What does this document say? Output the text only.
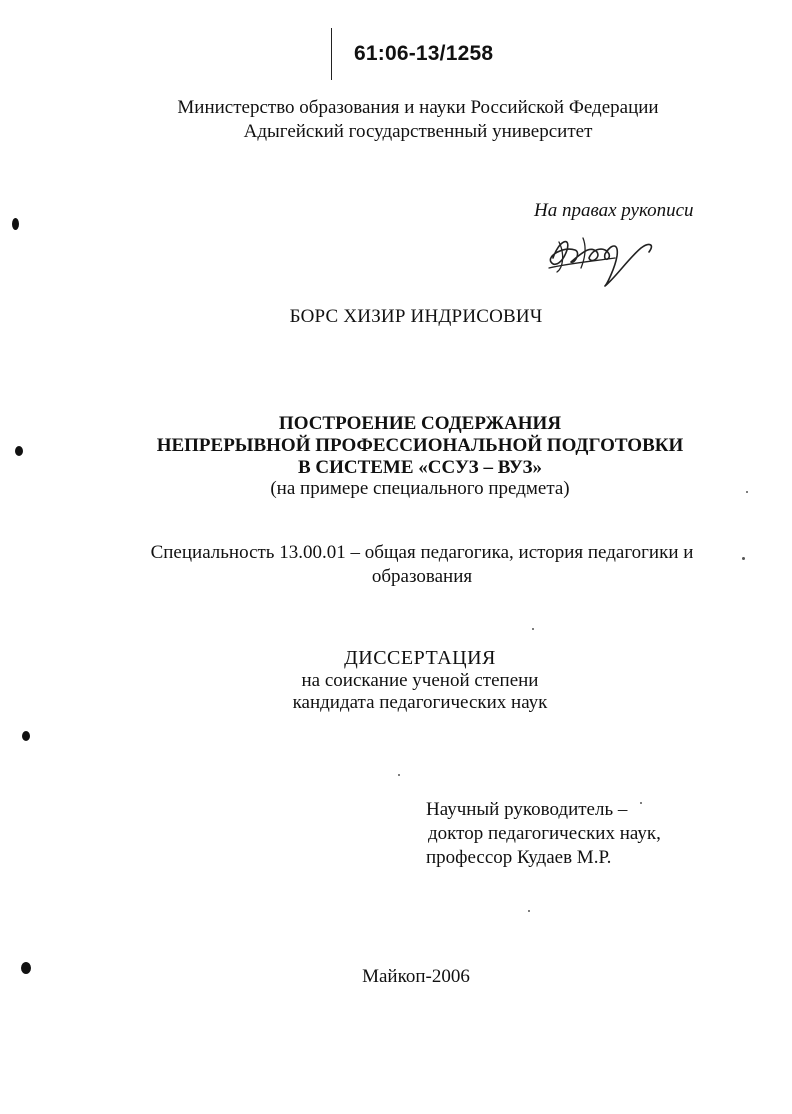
61:06-13/1258
Министерство образования и науки Российской Федерации
Адыгейский государственный университет
На правах рукописи
БОРС ХИЗИР ИНДРИСОВИЧ
ПОСТРОЕНИЕ СОДЕРЖАНИЯ
НЕПРЕРЫВНОЙ ПРОФЕССИОНАЛЬНОЙ ПОДГОТОВКИ
В СИСТЕМЕ «ССУЗ – ВУЗ»
(на примере специального предмета)
Специальность 13.00.01 – общая педагогика, история педагогики и
образования
ДИССЕРТАЦИЯ
на соискание ученой степени
кандидата педагогических наук
Научный руководитель –
доктор педагогических наук,
профессор Кудаев М.Р.
Майкоп-2006
